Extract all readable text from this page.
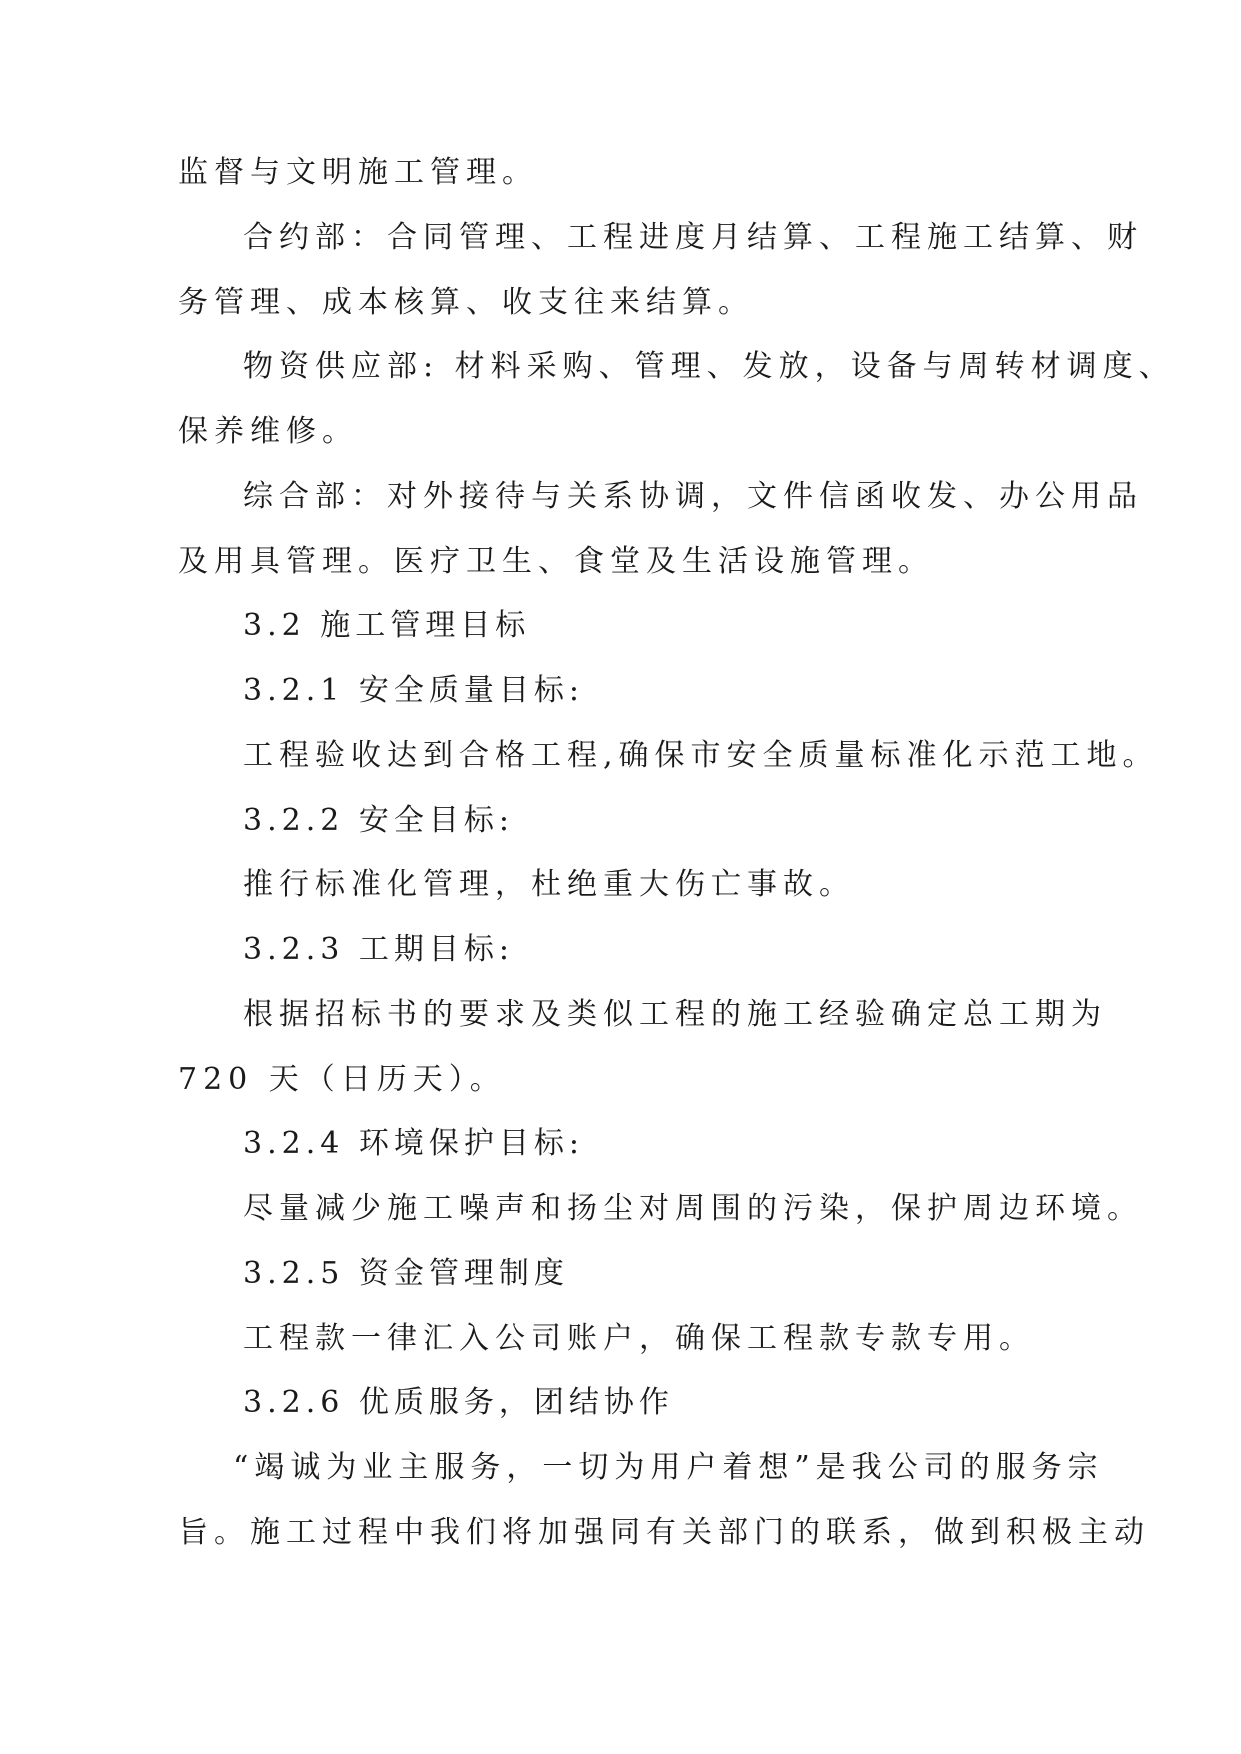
监督与文明施工管理。
合约部：合同管理、工程进度月结算、工程施工结算、财
务管理、成本核算、收支往来结算。
物资供应部: 材料采购、管理、发放，设备与周转材调度、
保养维修。
综合部：对外接待与关系协调，文件信函收发、办公用品
及用具管理。医疗卫生、食堂及生活设施管理。
3.2 施工管理目标
3.2.1 安全质量目标:
工程验收达到合格工程,确保市安全质量标准化示范工地。
3.2.2 安全目标:
推行标准化管理，杜绝重大伤亡事故。
3.2.3 工期目标:
根据招标书的要求及类似工程的施工经验确定总工期为
720 天（日历天）。
3.2.4 环境保护目标:
尽量减少施工噪声和扬尘对周围的污染，保护周边环境。
3.2.5 资金管理制度
工程款一律汇入公司账户，确保工程款专款专用。
3.2.6 优质服务，团结协作
“竭诚为业主服务，一切为用户着想”是我公司的服务宗
旨。施工过程中我们将加强同有关部门的联系，做到积极主动
